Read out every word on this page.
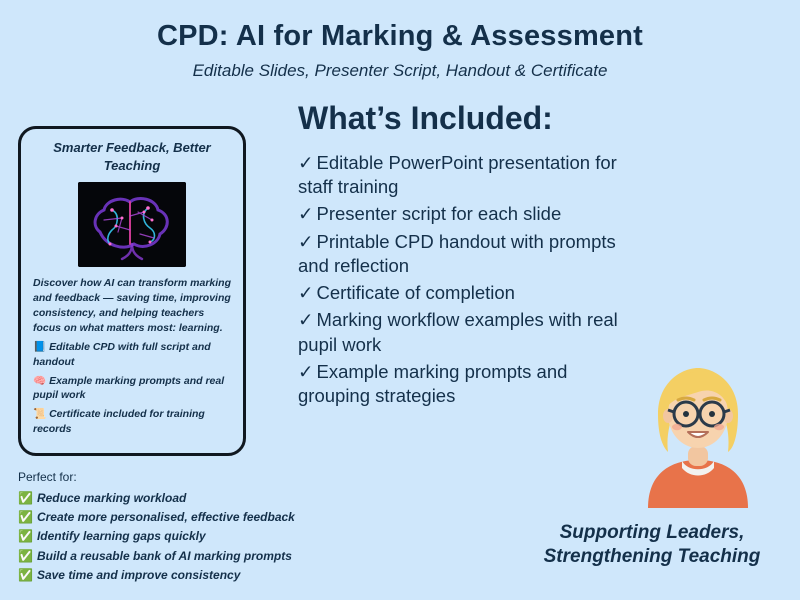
CPD: AI for Marking & Assessment
Editable Slides, Presenter Script, Handout & Certificate
Smarter Feedback, Better Teaching
Discover how AI can transform marking and feedback — saving time, improving consistency, and helping teachers focus on what matters most: learning.
📘 Editable CPD with full script and handout
🧠 Example marking prompts and real pupil work
📜 Certificate included for training records
Perfect for:
✅ Reduce marking workload
✅ Create more personalised, effective feedback
✅ Identify learning gaps quickly
✅ Build a reusable bank of AI marking prompts
✅ Save time and improve consistency
What’s Included:
✓ Editable PowerPoint presentation for staff training
✓ Presenter script for each slide
✓ Printable CPD handout with prompts and reflection
✓ Certificate of completion
✓ Marking workflow examples with real pupil work
✓ Example marking prompts and grouping strategies
Supporting Leaders, Strengthening Teaching
